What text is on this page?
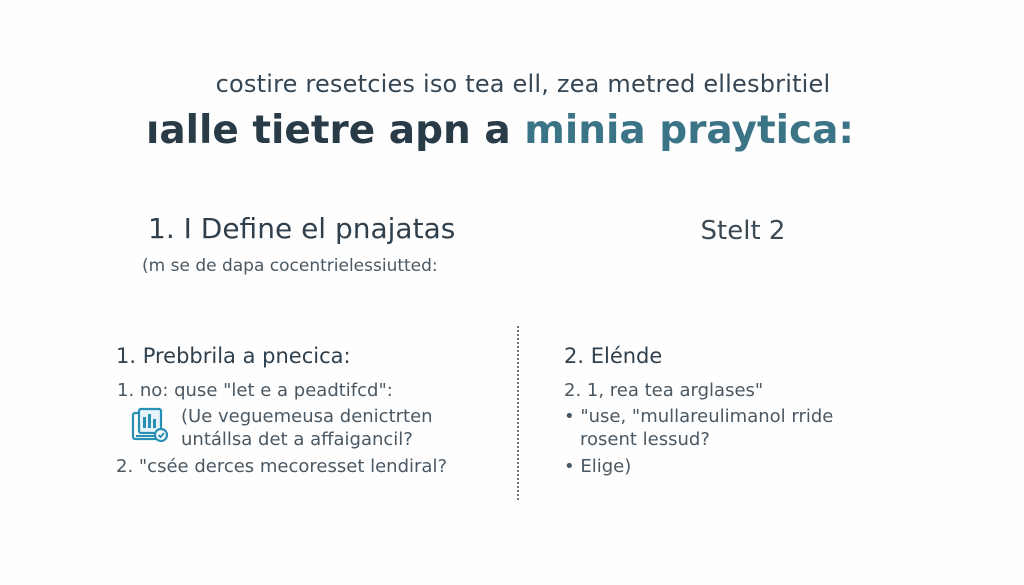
costire resetcies iso tea ell, zea metred ellesbritiel
ıalle tietre apn a minia prayticа:
1. I Define el pnajatas
(m se de dapa cocentrielessiutted:
Stelt 2
1. Prebbrila a pnecica:
1. no: quse "let e a peadtifcd":
(Ue veguemeusa denictrten
untállsa det a affaigancil?
2. "csée derces mecoresset lendiral?
2. Elénde
2. 1, rea tea arglases"
• "use, "mullareulimanol rride
rosent lessud?
• Elige)
